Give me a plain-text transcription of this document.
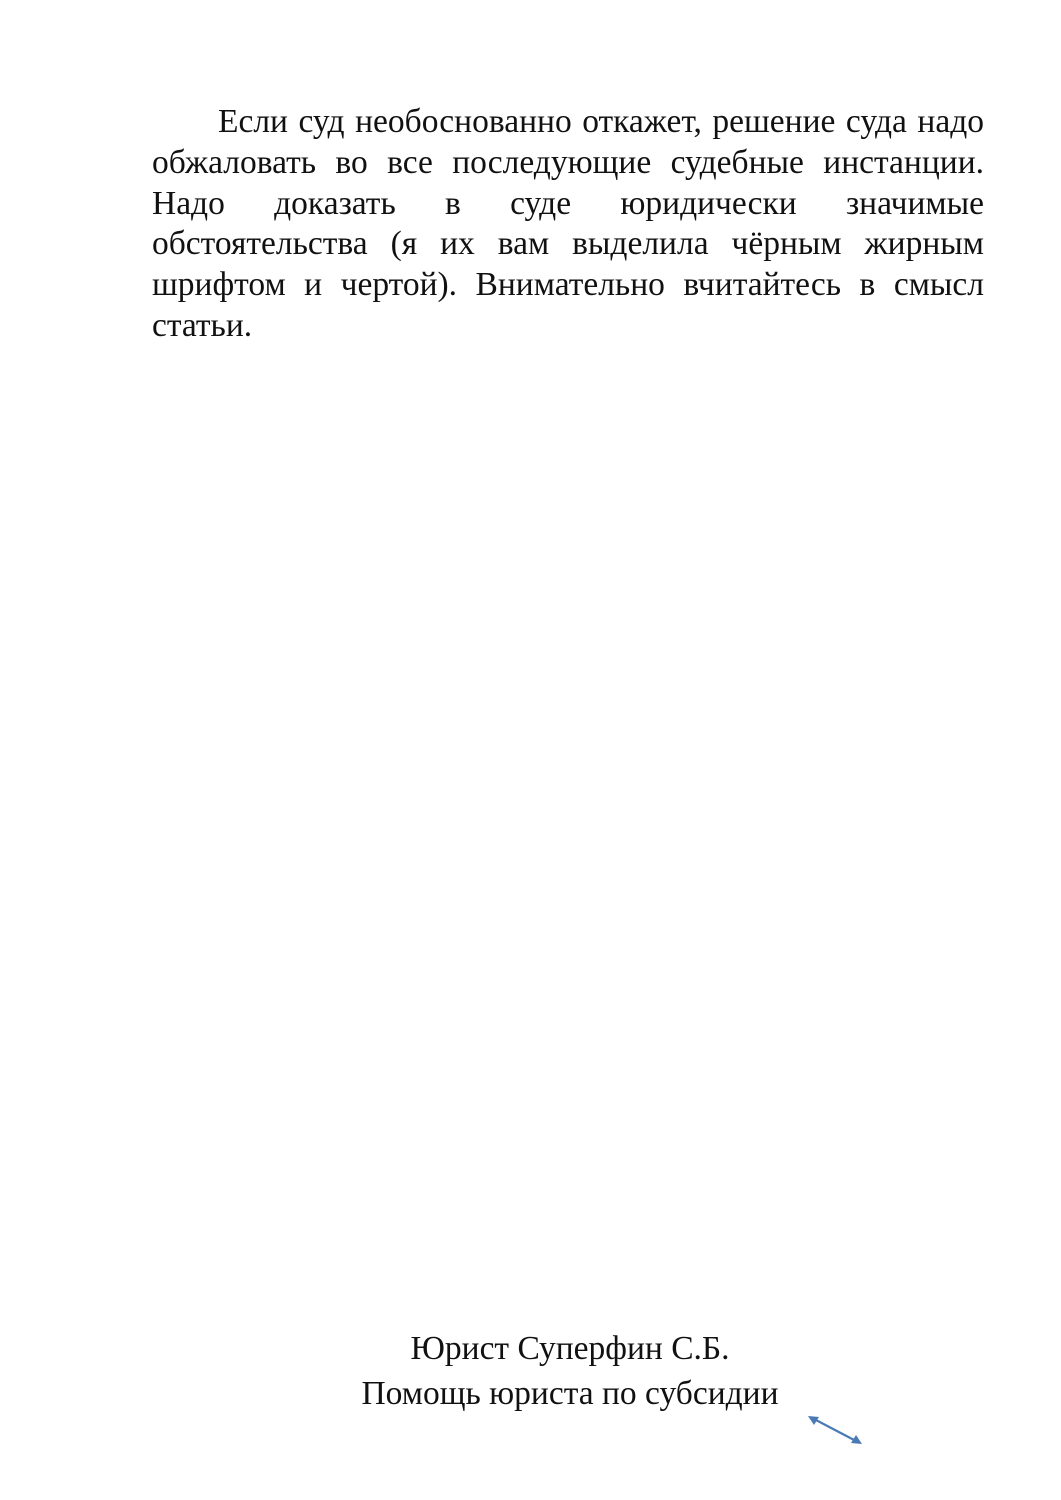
Если суд необоснованно откажет, решение суда надо обжаловать во все последующие судебные инстанции. Надо доказать в суде юридически значимые обстоятельства (я их вам выделила чёрным жирным шрифтом и чертой). Внимательно вчитайтесь в смысл статьи.

Юрист Суперфин С.Б.
Помощь юриста по субсидии
